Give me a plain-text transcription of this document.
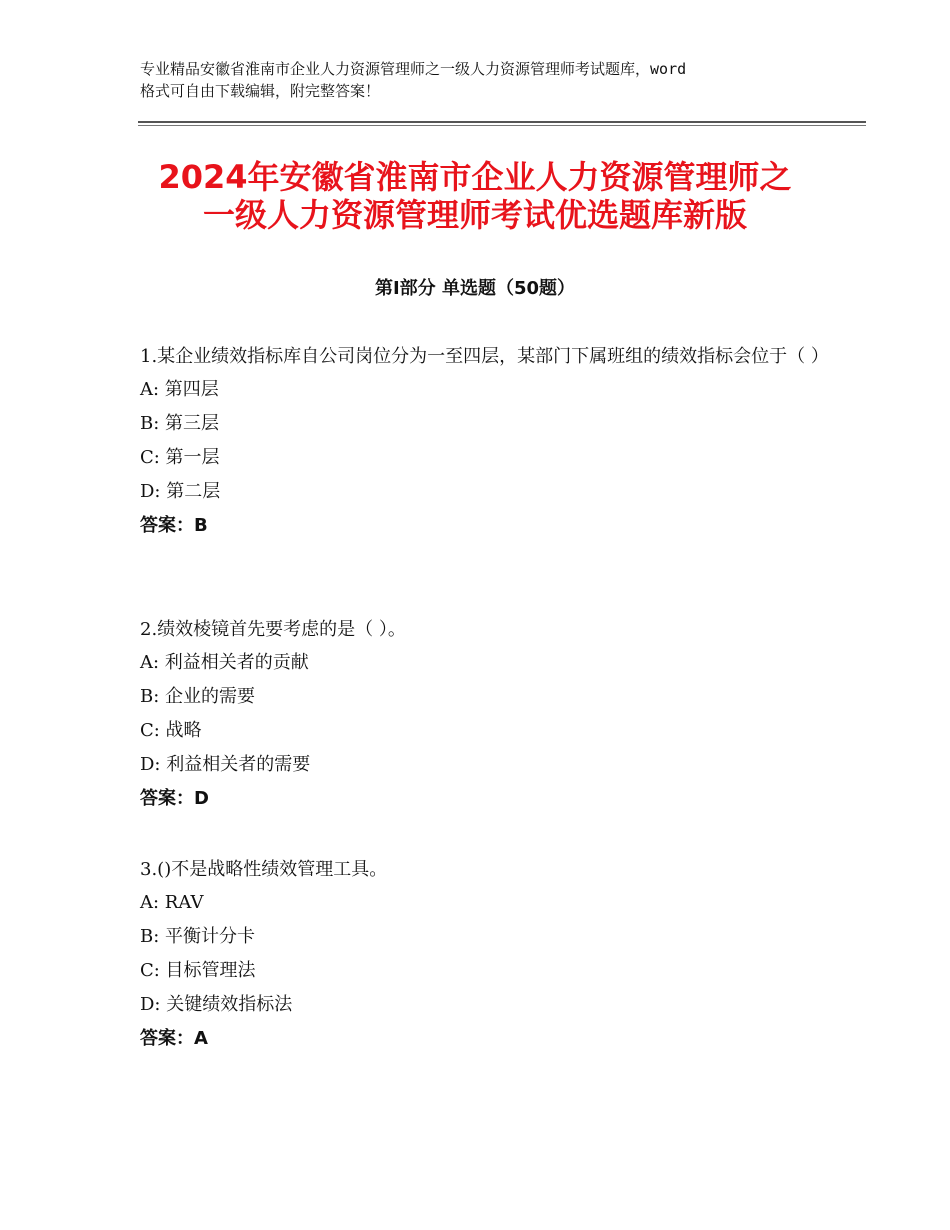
专业精品安徽省淮南市企业人力资源管理师之一级人力资源管理师考试题库，word
格式可自由下载编辑，附完整答案！
2024年安徽省淮南市企业人力资源管理师之
一级人力资源管理师考试优选题库新版
第Ⅰ部分 单选题（50题）
1.某企业绩效指标库自公司岗位分为一至四层，某部门下属班组的绩效指标会位于（ ）
A: 第四层
B: 第三层
C: 第一层
D: 第二层
答案：B
2.绩效棱镜首先要考虑的是（ ）。
A: 利益相关者的贡献
B: 企业的需要
C: 战略
D: 利益相关者的需要
答案：D
3.()不是战略性绩效管理工具。
A: RAV
B: 平衡计分卡
C: 目标管理法
D: 关键绩效指标法
答案：A
